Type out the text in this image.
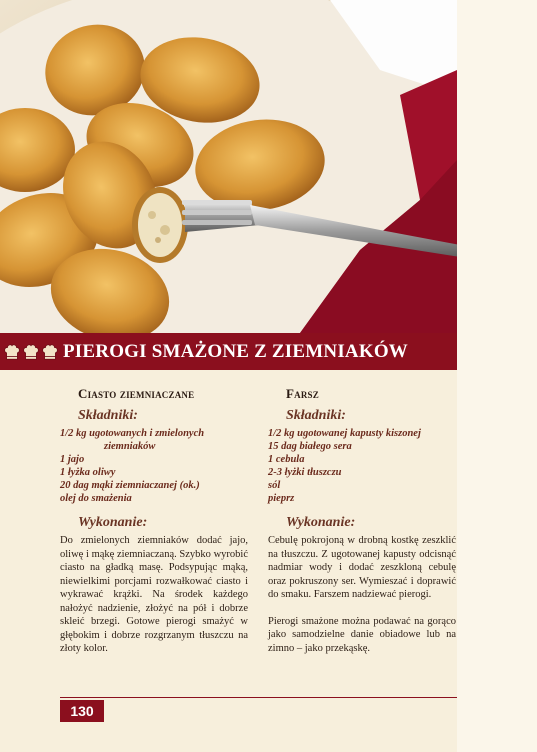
PIEROGI SMAŻONE Z ZIEMNIAKÓW
Ciasto ziemniaczane
Składniki:
1/2 kg ugotowanych i zmielonych
ziemniaków
1 jajo
1 łyżka oliwy
20 dag mąki ziemniaczanej (ok.)
olej do smażenia
Wykonanie:

Do zmielonych ziemniaków dodać jajo, oliwę i mąkę ziemniaczaną. Szybko wyrobić ciasto na gładką masę. Podsypując mąką, niewielkimi porcjami rozwałkować ciasto i wykrawać krążki. Na środek każdego nałożyć nadzienie, złożyć na pół i dobrze skleić brzegi. Gotowe pierogi smażyć w głębokim i dobrze rozgrzanym tłuszczu na złoty kolor.

Farsz
Składniki:
1/2 kg ugotowanej kapusty kiszonej
15 dag białego sera
1 cebula
2-3 łyżki tłuszczu
sól
pieprz
Wykonanie:

Cebulę pokrojoną w drobną kostkę zeszklić na tłuszczu. Z ugotowanej kapusty odcisnąć nadmiar wody i dodać zeszkloną cebulę oraz pokruszony ser. Wymieszać i doprawić do smaku. Farszem nadziewać pierogi.

Pierogi smażone można podawać na gorąco jako samodzielne danie obiadowe lub na zimno – jako przekąskę.

130
